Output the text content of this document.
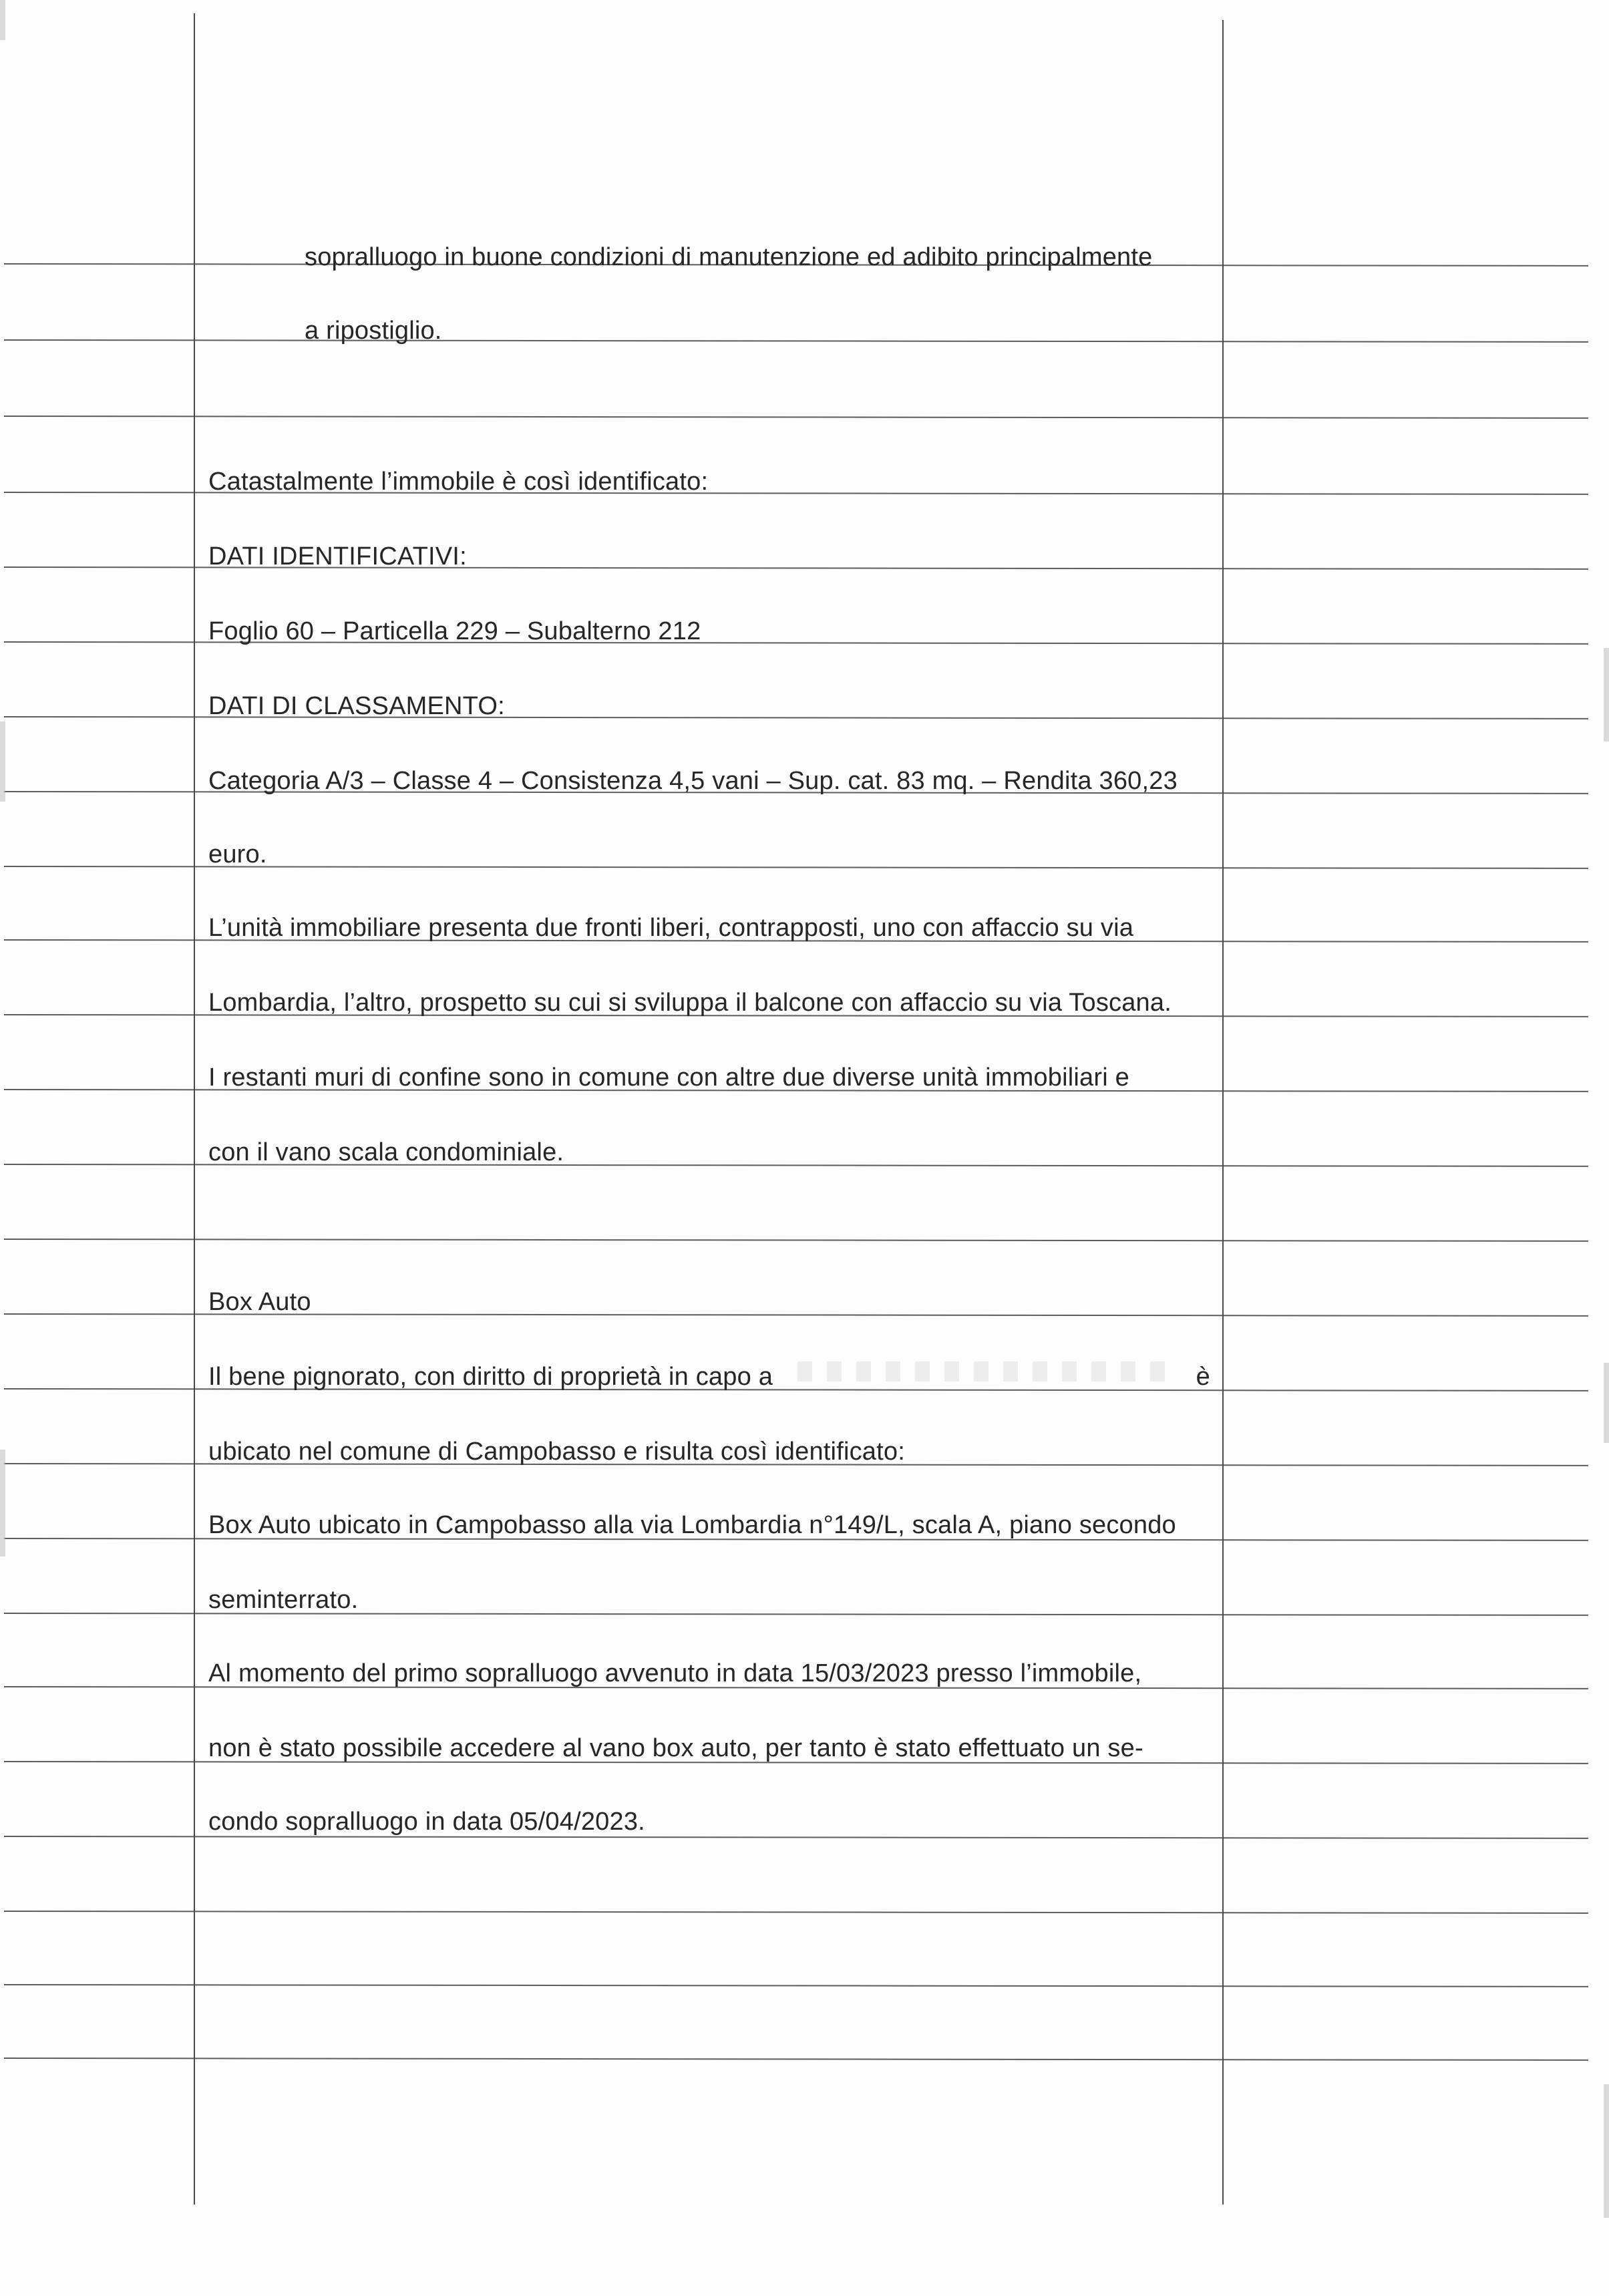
sopralluogo in buone condizioni di manutenzione ed adibito principalmente
a ripostiglio.
Catastalmente l’immobile è così identificato:
DATI IDENTIFICATIVI:
Foglio 60 – Particella 229 – Subalterno 212
DATI DI CLASSAMENTO:
Categoria A/3 – Classe 4 – Consistenza 4,5 vani – Sup. cat. 83 mq. – Rendita 360,23
euro.
L’unità immobiliare presenta due fronti liberi, contrapposti, uno con affaccio su via
Lombardia, l’altro, prospetto su cui si sviluppa il balcone con affaccio su via Toscana.
I restanti muri di confine sono in comune con altre due diverse unità immobiliari e
con il vano scala condominiale.
Box Auto
Il bene pignorato, con diritto di proprietà in capo a	è
ubicato nel comune di Campobasso e risulta così identificato:
Box Auto ubicato in Campobasso alla via Lombardia n°149/L, scala A, piano secondo
seminterrato.
Al momento del primo sopralluogo avvenuto in data 15/03/2023 presso l’immobile,
non è stato possibile accedere al vano box auto, per tanto è stato effettuato un se-
condo sopralluogo in data 05/04/2023.
